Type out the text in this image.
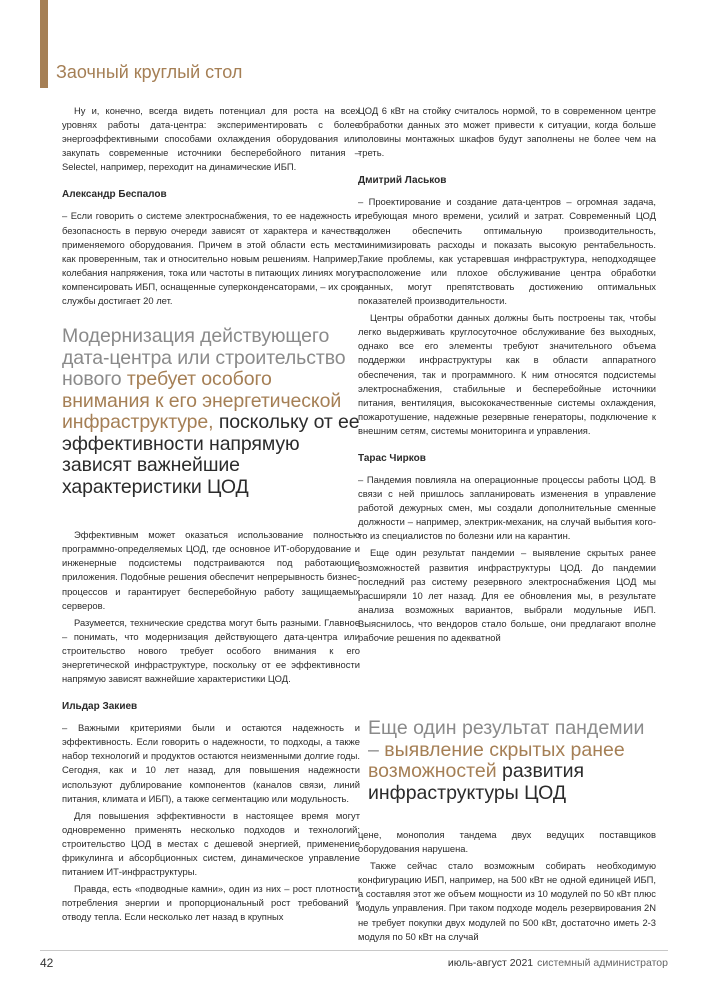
Заочный круглый стол

Ну и, конечно, всегда видеть потенциал для роста на всех уровнях работы дата-центра: экспериментировать с более энергоэффективными способами охлаждения оборудования или закупать современные источники бесперебойного питания – Selectel, например, переходит на динамические ИБП.

Александр Беспалов

– Если говорить о системе электроснабжения, то ее надежность и безопасность в первую очереди зависят от характера и качества применяемого оборудования. Причем в этой области есть место как проверенным, так и относительно новым решениям. Например, колебания напряжения, тока или частоты в питающих линиях могут компенсировать ИБП, оснащенные суперконденсаторами, – их срок службы достигает 20 лет.

Модернизация действующего дата-центра или строительство нового требует особого внимания к его энергетической инфраструктуре, поскольку от ее эффективности напрямую зависят важнейшие характеристики ЦОД

Эффективным может оказаться использование полностью программно-определяемых ЦОД, где основное ИТ-оборудование и инженерные подсистемы подстраиваются под работающие приложения. Подобные решения обеспечит непрерывность бизнес-процессов и гарантирует бесперебойную работу защищаемых серверов.

Разумеется, технические средства могут быть разными. Главное – понимать, что модернизация действующего дата-центра или строительство нового требует особого внимания к его энергетической инфраструктуре, поскольку от ее эффективности напрямую зависят важнейшие характеристики ЦОД.

Ильдар Закиев

– Важными критериями были и остаются надежность и эффективность. Если говорить о надежности, то подходы, а также набор технологий и продуктов остаются неизменными долгие годы. Сегодня, как и 10 лет назад, для повышения надежности используют дублирование компонентов (каналов связи, линий питания, климата и ИБП), а также сегментацию или модульность.

Для повышения эффективности в настоящее время могут одновременно применять несколько подходов и технологий: строительство ЦОД в местах с дешевой энергией, применение фрикулинга и абсорбционных систем, динамическое управление питанием ИТ-инфраструктуры.

Правда, есть «подводные камни», один из них – рост плотности потребления энергии и пропорциональный рост требований к отводу тепла. Если несколько лет назад в крупных

ЦОД 6 кВт на стойку считалось нормой, то в современном центре обработки данных это может привести к ситуации, когда больше половины монтажных шкафов будут заполнены не более чем на треть.

Дмитрий Ласьков

– Проектирование и создание дата-центров – огромная задача, требующая много времени, усилий и затрат. Современный ЦОД должен обеспечить оптимальную производительность, минимизировать расходы и показать высокую рентабельность. Такие проблемы, как устаревшая инфраструктура, неподходящее расположение или плохое обслуживание центра обработки данных, могут препятствовать достижению оптимальных показателей производительности.

Центры обработки данных должны быть построены так, чтобы легко выдерживать круглосуточное обслуживание без выходных, однако все его элементы требуют значительного объема поддержки инфраструктуры как в области аппаратного обеспечения, так и программного. К ним относятся подсистемы электроснабжения, стабильные и бесперебойные источники питания, вентиляция, высококачественные системы охлаждения, пожаротушение, надежные резервные генераторы, подключение к внешним сетям, системы мониторинга и управления.

Тарас Чирков

– Пандемия повлияла на операционные процессы работы ЦОД. В связи с ней пришлось запланировать изменения в управление работой дежурных смен, мы создали дополнительные сменные должности – например, электрик-механик, на случай выбытия кого-то из специалистов по болезни или на карантин.

Еще один результат пандемии – выявление скрытых ранее возможностей развития инфраструктуры ЦОД. До пандемии последний раз систему резервного электроснабжения ЦОД мы расширяли 10 лет назад. Для ее обновления мы, в результате анализа возможных вариантов, выбрали модульные ИБП. Выяснилось, что вендоров стало больше, они предлагают вполне рабочие решения по адекватной

Еще один результат пандемии – выявление скрытых ранее возможностей развития инфраструктуры ЦОД

цене, монополия тандема двух ведущих поставщиков оборудования нарушена.

Также сейчас стало возможным собирать необходимую конфигурацию ИБП, например, на 500 кВт не одной единицей ИБП, а составляя этот же объем мощности из 10 модулей по 50 кВт плюс модуль управления. При таком подходе модель резервирования 2N не требует покупки двух модулей по 500 кВт, достаточно иметь 2-3 модуля по 50 кВт на случай

42	июль-август 2021 системный администратор
